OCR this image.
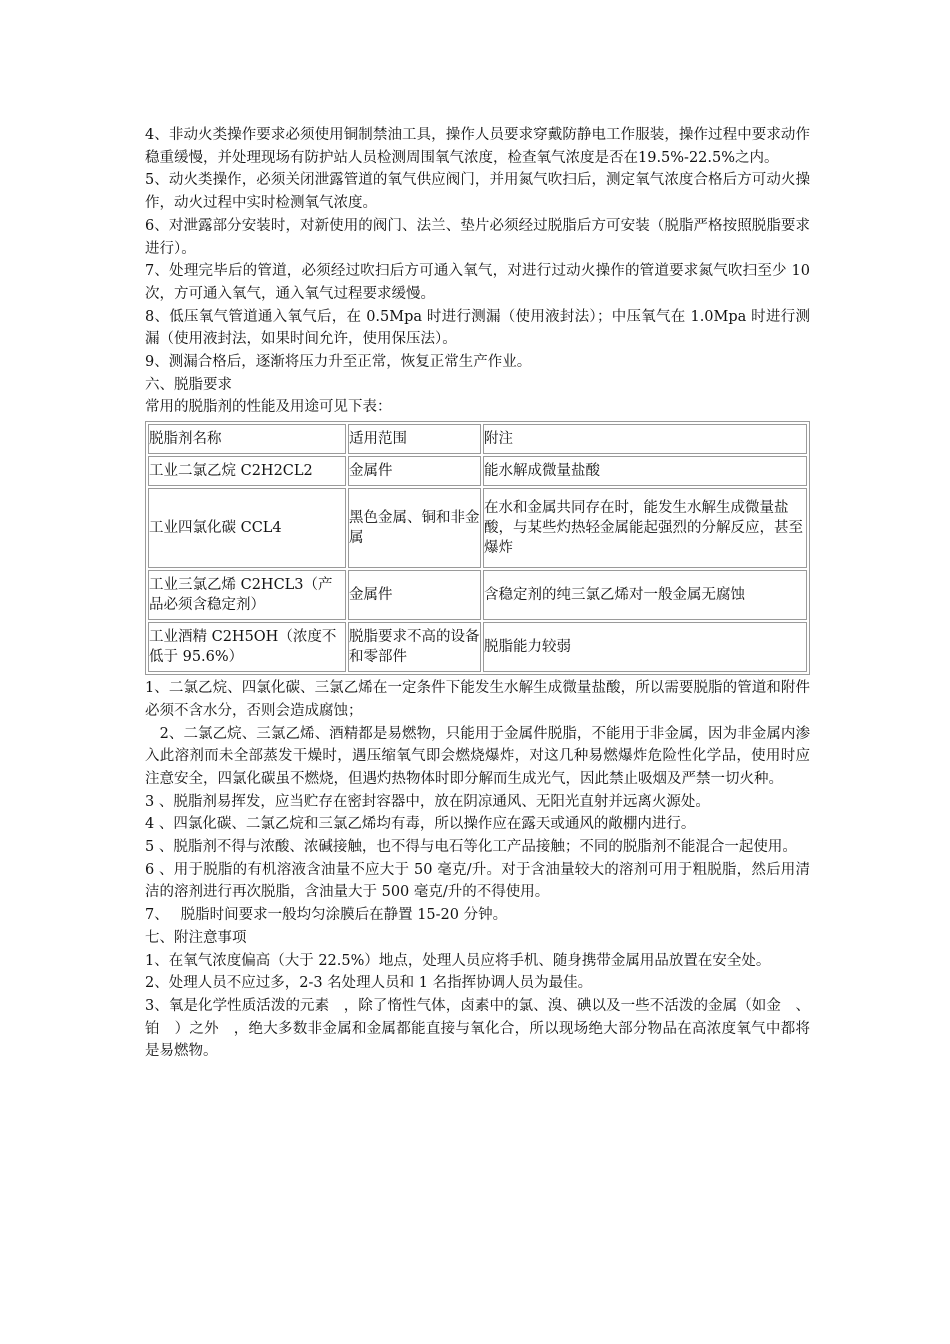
4、非动火类操作要求必须使用铜制禁油工具，操作人员要求穿戴防静电工作服装，操作过程中要求动作稳重缓慢，并处理现场有防护站人员检测周围氧气浓度，检查氧气浓度是否在19.5%-22.5%之内。

5、动火类操作，必须关闭泄露管道的氧气供应阀门，并用氮气吹扫后，测定氧气浓度合格后方可动火操作，动火过程中实时检测氧气浓度。

6、对泄露部分安装时，对新使用的阀门、法兰、垫片必须经过脱脂后方可安装（脱脂严格按照脱脂要求进行）。

7、处理完毕后的管道，必须经过吹扫后方可通入氧气，对进行过动火操作的管道要求氮气吹扫至少 10 次，方可通入氧气，通入氧气过程要求缓慢。

8、低压氧气管道通入氧气后，在 0.5Mpa 时进行测漏（使用液封法）；中压氧气在 1.0Mpa 时进行测漏（使用液封法，如果时间允许，使用保压法）。

9、测漏合格后，逐渐将压力升至正常，恢复正常生产作业。

六、脱脂要求

常用的脱脂剂的性能及用途可见下表：

脱脂剂名称	适用范围	附注
工业二氯乙烷 C2H2CL2	金属件	能水解成微量盐酸
工业四氯化碳 CCL4	黑色金属、铜和非金属	在水和金属共同存在时，能发生水解生成微量盐酸，与某些灼热轻金属能起强烈的分解反应，甚至爆炸
工业三氯乙烯 C2HCL3（产品必须含稳定剂）	金属件	含稳定剂的纯三氯乙烯对一般金属无腐蚀
工业酒精 C2H5OH（浓度不低于 95.6%）	脱脂要求不高的设备和零部件	脱脂能力较弱

1、二氯乙烷、四氯化碳、三氯乙烯在一定条件下能发生水解生成微量盐酸，所以需要脱脂的管道和附件必须不含水分，否则会造成腐蚀；

　2、二氯乙烷、三氯乙烯、酒精都是易燃物，只能用于金属件脱脂，不能用于非金属，因为非金属内渗入此溶剂而未全部蒸发干燥时，遇压缩氧气即会燃烧爆炸，对这几种易燃爆炸危险性化学品，使用时应注意安全，四氯化碳虽不燃烧，但遇灼热物体时即分解而生成光气，因此禁止吸烟及严禁一切火种。

3 、脱脂剂易挥发，应当贮存在密封容器中，放在阴凉通风、无阳光直射并远离火源处。

4 、四氯化碳、二氯乙烷和三氯乙烯均有毒，所以操作应在露天或通风的敞棚内进行。

5 、脱脂剂不得与浓酸、浓碱接触，也不得与电石等化工产品接触；不同的脱脂剂不能混合一起使用。

6 、用于脱脂的有机溶液含油量不应大于 50 毫克/升。对于含油量较大的溶剂可用于粗脱脂，然后用清洁的溶剂进行再次脱脂，含油量大于 500 毫克/升的不得使用。

7、　 脱脂时间要求一般均匀涂膜后在静置 15-20 分钟。

七、附注意事项

1、在氧气浓度偏高（大于 22.5%）地点，处理人员应将手机、随身携带金属用品放置在安全处。

2、处理人员不应过多，2-3 名处理人员和 1 名指挥协调人员为最佳。

3、氧是化学性质活泼的元素　，除了惰性气体，卤素中的氯、溴、碘以及一些不活泼的金属（如金　、铂　）之外　，绝大多数非金属和金属都能直接与氧化合，所以现场绝大部分物品在高浓度氧气中都将是易燃物。
